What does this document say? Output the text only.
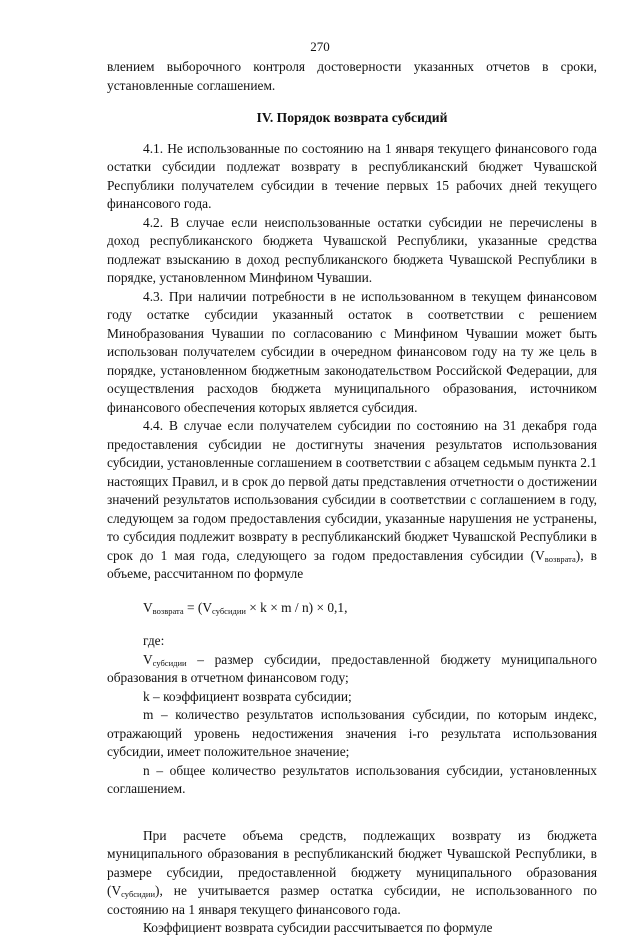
270

влением выборочного контроля достоверности указанных отчетов в сроки, установленные соглашением.

IV. Порядок возврата субсидий

4.1. Не использованные по состоянию на 1 января текущего финансового года остатки субсидии подлежат возврату в республиканский бюджет Чувашской Республики получателем субсидии в течение первых 15 рабочих дней текущего финансового года.

4.2. В случае если неиспользованные остатки субсидии не перечислены в доход республиканского бюджета Чувашской Республики, указанные средства подлежат взысканию в доход республиканского бюджета Чувашской Республики в порядке, установленном Минфином Чувашии.

4.3. При наличии потребности в не использованном в текущем финансовом году остатке субсидии указанный остаток в соответствии с решением Минобразования Чувашии по согласованию с Минфином Чувашии может быть использован получателем субсидии в очередном финансовом году на ту же цель в порядке, установленном бюджетным законодательством Российской Федерации, для осуществления расходов бюджета муниципального образования, источником финансового обеспечения которых является субсидия.

4.4. В случае если получателем субсидии по состоянию на 31 декабря года предоставления субсидии не достигнуты значения результатов использования субсидии, установленные соглашением в соответствии с абзацем седьмым пункта 2.1 настоящих Правил, и в срок до первой даты представления отчетности о достижении значений результатов использования субсидии в соответствии с соглашением в году, следующем за годом предоставления субсидии, указанные нарушения не устранены, то субсидия подлежит возврату в республиканский бюджет Чувашской Республики в срок до 1 мая года, следующего за годом предоставления субсидии $(V_{возврата})$, в объеме, рассчитанном по формуле

$V_{возврата} = (V_{субсидии} \times k \times m / n) \times 0,1$,

где:

$V_{субсидии}$ – размер субсидии, предоставленной бюджету муниципального образования в отчетном финансовом году;

k – коэффициент возврата субсидии;

m – количество результатов использования субсидии, по которым индекс, отражающий уровень недостижения значения i-го результата использования субсидии, имеет положительное значение;

n – общее количество результатов использования субсидии, установленных соглашением.

При расчете объема средств, подлежащих возврату из бюджета муниципального образования в республиканский бюджет Чувашской Республики, в размере субсидии, предоставленной бюджету муниципального образования $(V_{субсидии})$, не учитывается размер остатка субсидии, не использованного по состоянию на 1 января текущего финансового года.

Коэффициент возврата субсидии рассчитывается по формуле
